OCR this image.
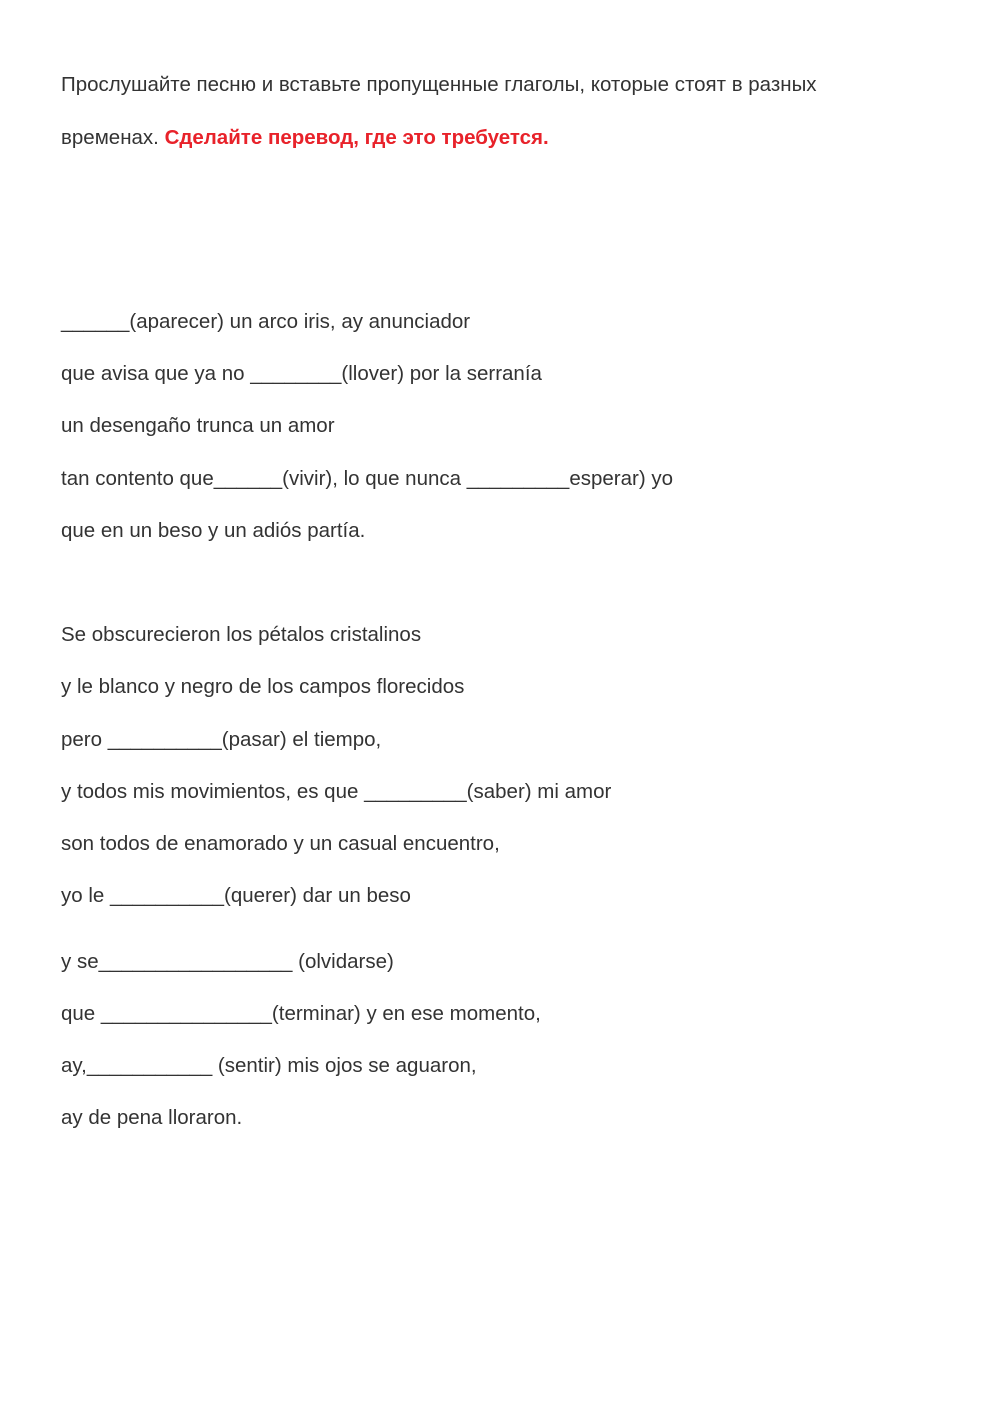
Прослушайте песню и вставьте пропущенные глаголы, которые стоят в разных
временах. Сделайте перевод, где это требуется.

______(aparecer) un arco iris, ay anunciador

que avisa que ya no ________(llover) por la serranía

un desengaño trunca un amor

tan contento que______(vivir), lo que nunca _________esperar) yo

que en un beso y un adiós partía.

Se obscurecieron los pétalos cristalinos

y le blanco y negro de los campos florecidos

pero __________(pasar) el tiempo,

y todos mis movimientos, es que _________(saber) mi amor

son todos de enamorado y un casual encuentro,

yo le __________(querer) dar un beso

y se_________________ (olvidarse)

que _______________(terminar) y en ese momento,

ay,___________ (sentir) mis ojos se aguaron,

ay de pena lloraron.
